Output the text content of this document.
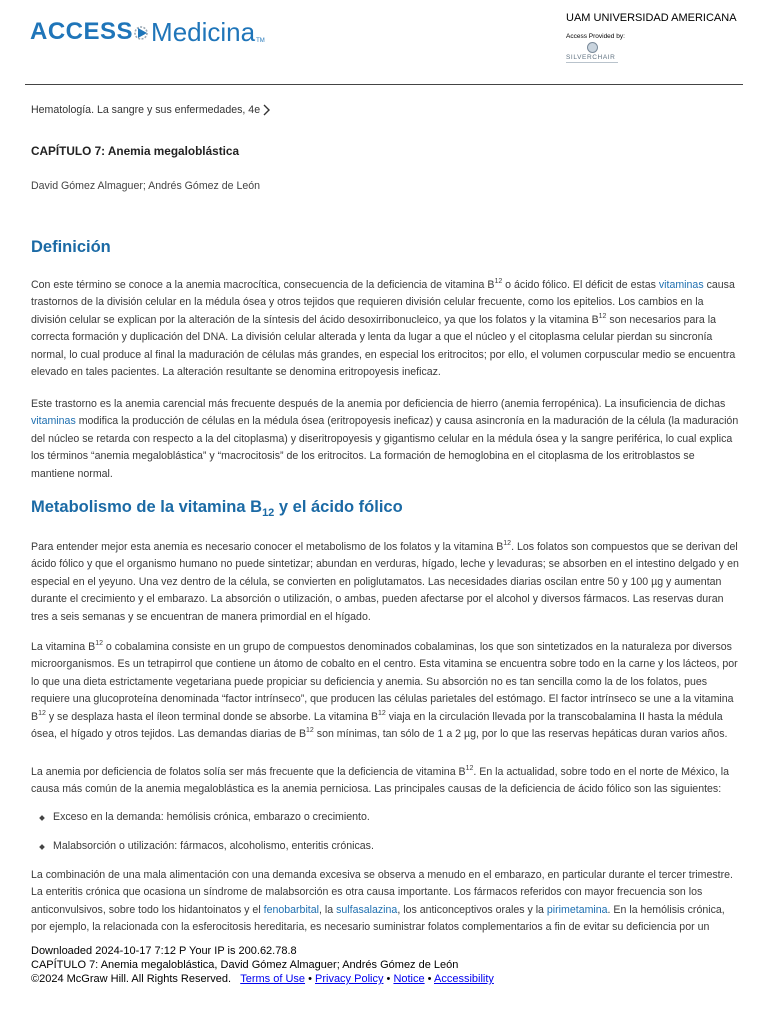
ACCESS Medicina TM
UAM UNIVERSIDAD AMERICANA
Access Provided by:
SILVERCHAIR
Hematología. La sangre y sus enfermedades, 4e
CAPÍTULO 7: Anemia megaloblástica
David Gómez Almaguer; Andrés Gómez de León
Definición

Con este término se conoce a la anemia macrocítica, consecuencia de la deficiencia de vitamina $B^{12}$ o ácido fólico. El déficit de estas vitaminas causa trastornos de la división celular en la médula ósea y otros tejidos que requieren división celular frecuente, como los epitelios. Los cambios en la división celular se explican por la alteración de la síntesis del ácido desoxirribonucleico, ya que los folatos y la vitamina $B^{12}$ son necesarios para la correcta formación y duplicación del DNA. La división celular alterada y lenta da lugar a que el núcleo y el citoplasma celular pierdan su sincronía normal, lo cual produce al final la maduración de células más grandes, en especial los eritrocitos; por ello, el volumen corpuscular medio se encuentra elevado en tales pacientes. La alteración resultante se denomina eritropoyesis ineficaz.

Este trastorno es la anemia carencial más frecuente después de la anemia por deficiencia de hierro (anemia ferropénica). La insuficiencia de dichas vitaminas modifica la producción de células en la médula ósea (eritropoyesis ineficaz) y causa asincronía en la maduración de la célula (la maduración del núcleo se retarda con respecto a la del citoplasma) y diseritropoyesis y gigantismo celular en la médula ósea y la sangre periférica, lo cual explica los términos “anemia megaloblástica” y “macrocitosis” de los eritrocitos. La formación de hemoglobina en el citoplasma de los eritroblastos se mantiene normal.

Metabolismo de la vitamina $B_{12}$ y el ácido fólico

Para entender mejor esta anemia es necesario conocer el metabolismo de los folatos y la vitamina $B^{12}$. Los folatos son compuestos que se derivan del ácido fólico y que el organismo humano no puede sintetizar; abundan en verduras, hígado, leche y levaduras; se absorben en el intestino delgado y en especial en el yeyuno. Una vez dentro de la célula, se convierten en poliglutamatos. Las necesidades diarias oscilan entre 50 y 100 µg y aumentan durante el crecimiento y el embarazo. La absorción o utilización, o ambas, pueden afectarse por el alcohol y diversos fármacos. Las reservas duran tres a seis semanas y se encuentran de manera primordial en el hígado.

La vitamina $B^{12}$ o cobalamina consiste en un grupo de compuestos denominados cobalaminas, los que son sintetizados en la naturaleza por diversos microorganismos. Es un tetrapirrol que contiene un átomo de cobalto en el centro. Esta vitamina se encuentra sobre todo en la carne y los lácteos, por lo que una dieta estrictamente vegetariana puede propiciar su deficiencia y anemia. Su absorción no es tan sencilla como la de los folatos, pues requiere una glucoproteína denominada “factor intrínseco”, que producen las células parietales del estómago. El factor intrínseco se une a la vitamina $B^{12}$ y se desplaza hasta el íleon terminal donde se absorbe. La vitamina $B^{12}$ viaja en la circulación llevada por la transcobalamina II hasta la médula ósea, el hígado y otros tejidos. Las demandas diarias de $B^{12}$ son mínimas, tan sólo de 1 a 2 µg, por lo que las reservas hepáticas duran varios años.

La anemia por deficiencia de folatos solía ser más frecuente que la deficiencia de vitamina $B^{12}$. En la actualidad, sobre todo en el norte de México, la causa más común de la anemia megaloblástica es la anemia perniciosa. Las principales causas de la deficiencia de ácido fólico son las siguientes:

Exceso en la demanda: hemólisis crónica, embarazo o crecimiento.
Malabsorción o utilización: fármacos, alcoholismo, enteritis crónicas.

La combinación de una mala alimentación con una demanda excesiva se observa a menudo en el embarazo, en particular durante el tercer trimestre. La enteritis crónica que ocasiona un síndrome de malabsorción es otra causa importante. Los fármacos referidos con mayor frecuencia son los anticonvulsivos, sobre todo los hidantoinatos y el fenobarbital, la sulfasalazina, los anticonceptivos orales y la pirimetamina. En la hemólisis crónica, por ejemplo, la relacionada con la esferocitosis hereditaria, es necesario suministrar folatos complementarios a fin de evitar su deficiencia por un

Downloaded 2024-10-17 7:12 P Your IP is 200.62.78.8
CAPÍTULO 7: Anemia megaloblástica, David Gómez Almaguer; Andrés Gómez de León
©2024 McGraw Hill. All Rights Reserved. Terms of Use • Privacy Policy • Notice • Accessibility
